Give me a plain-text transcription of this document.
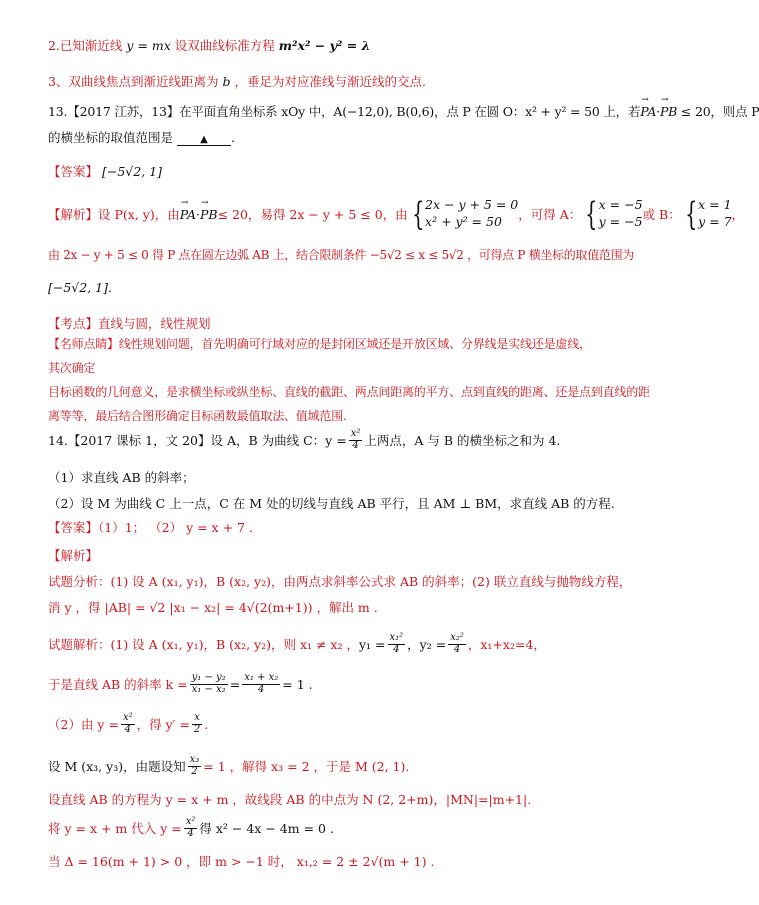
2.已知渐近线 y = mx 设双曲线标准方程 m²x² − y² = λ
3、双曲线焦点到渐近线距离为 b ，垂足为对应准线与渐近线的交点.
13.【2017 江苏，13】在平面直角坐标系 xOy 中，A(−12,0), B(0,6)，点 P 在圆 O：x² + y² = 50 上，若→ PA·→ PB ≤ 20，则点 P
的横坐标的取值范围是	▲ .
【答案】 [−5√2, 1]
【解析】 设 P(x, y)，由 → PA · → PB ≤ 20，易得 2x − y + 5 ≤ 0，由 { 2x − y + 5 = 0
x² + y² = 50	，可得 A： { x = −5
y = −5 或 B： { x = 1
y = 7 ，
由 2x − y + 5 ≤ 0 得 P 点在圆左边弧 AB 上，结合限制条件 −5√2 ≤ x ≤ 5√2 ，可得点 P 横坐标的取值范围为
[−5√2, 1].
【考点】直线与圆，线性规划
【名师点睛】线性规划问题，首先明确可行域对应的是封闭区域还是开放区域、分界线是实线还是虚线，其次确定
目标函数的几何意义，是求横坐标或纵坐标、直线的截距、两点间距离的平方、点到直线的距离、还是点到直线的距
离等等，最后结合图形确定目标函数最值取法、值域范围.
14.【2017 课标 1，文 20】设 A，B 为曲线 C：$y = \frac{\text{x²}}{4}$ 上两点，A 与 B 的横坐标之和为 4.
（1）求直线 AB 的斜率；
（2）设 M 为曲线 C 上一点，C 在 M 处的切线与直线 AB 平行，且 AM ⊥ BM，求直线 AB 的方程.
【答案】（1）1； （2） y = x + 7 .
【解析】
试题分析：(1) 设 A (x₁, y₁)，B (x₂, y₂)，由两点求斜率公式求 AB 的斜率；(2) 联立直线与抛物线方程，
消 y ，得 |AB| = √2 |x₁ − x₂| = 4√(2(m+1)) ，解出 m .
试题解析：(1) 设 A (x₁, y₁)，B (x₂, y₂)，则 x₁ ≠ x₂ ， $y_1 = \frac{\text{x₁²}}{4}$ ，$y_2 = \frac{\text{x₂²}}{4}$ ，x₁+x₂=4，
于是直线 AB 的斜率 $k = \frac{\text{y₁ − y₂}}{\text{x₁ − x₂}} = \frac{\text{x₁ + x₂}}{4} = 1$ .
（2）由 $y = \frac{\text{x²}}{4}$ ，得 $y' = \frac{x}{2}$ .
设 M (x₃, y₃)，由题设知 $\frac{\text{x₃}}{2} = 1$ ，解得 x₃ = 2 ，于是 M (2, 1).
设直线 AB 的方程为 y = x + m ，故线段 AB 的中点为 N (2, 2+m)，|MN|=|m+1|.
将 y = x + m 代入 $y = \frac{\text{x²}}{4}$ 得 x² − 4x − 4m = 0 .
当 Δ = 16(m + 1) > 0 ，即 m > −1 时， x₁,₂ = 2 ± 2√(m + 1) .
